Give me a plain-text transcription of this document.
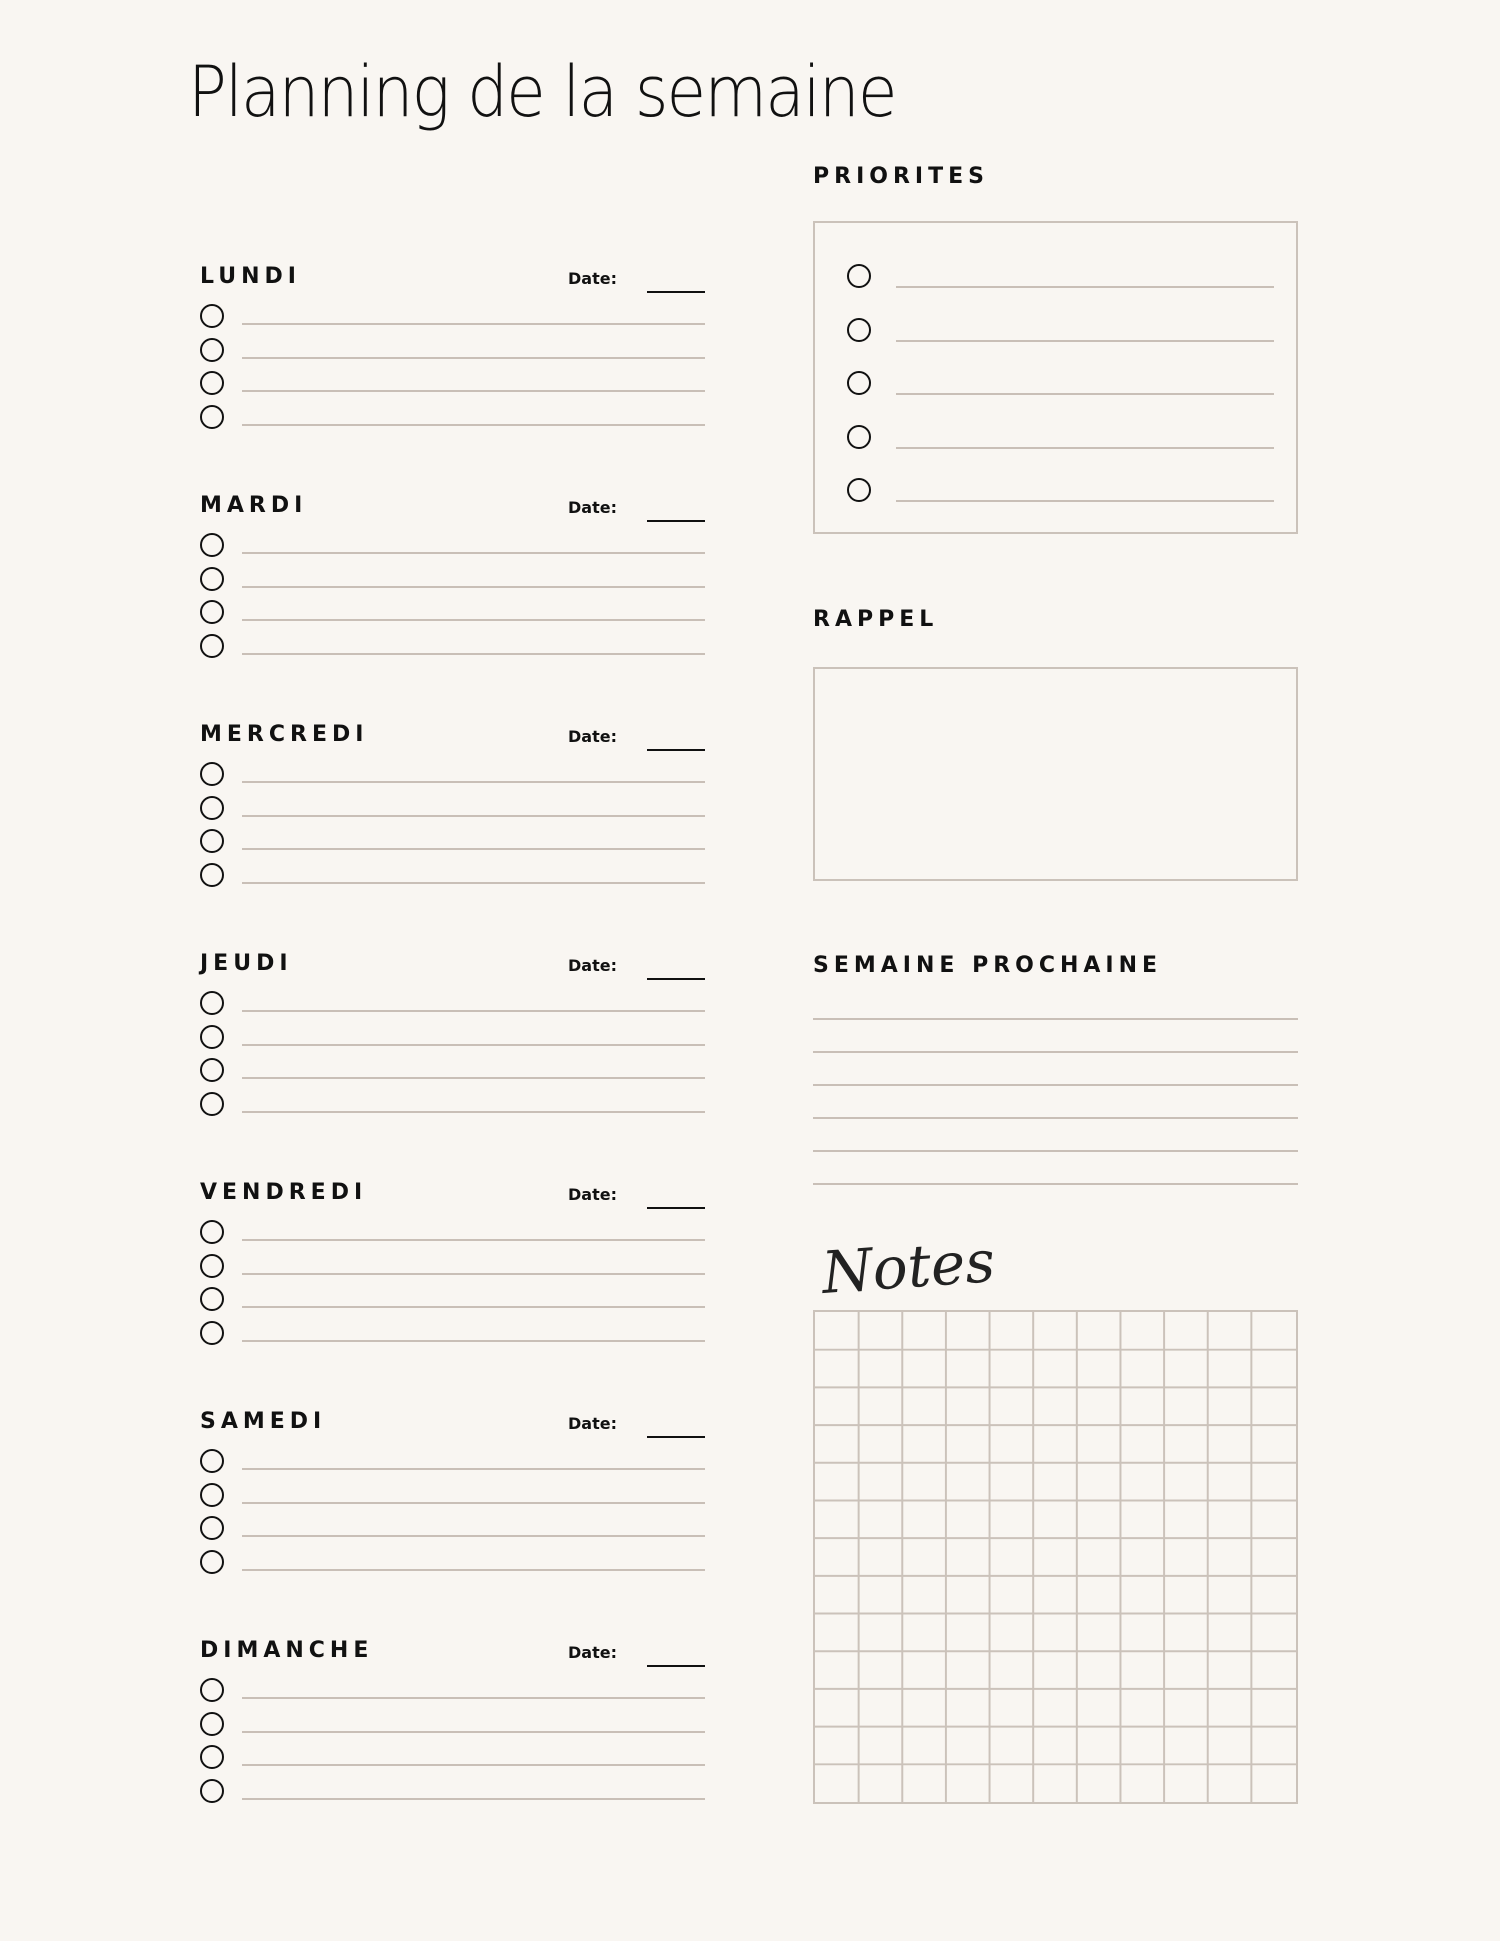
Planning de la semaine
LUNDI	Date:
MARDI	Date:
MERCREDI	Date:
JEUDI	Date:
VENDREDI	Date:
SAMEDI	Date:
DIMANCHE	Date:
PRIORITES
RAPPEL
SEMAINE PROCHAINE
Notes
